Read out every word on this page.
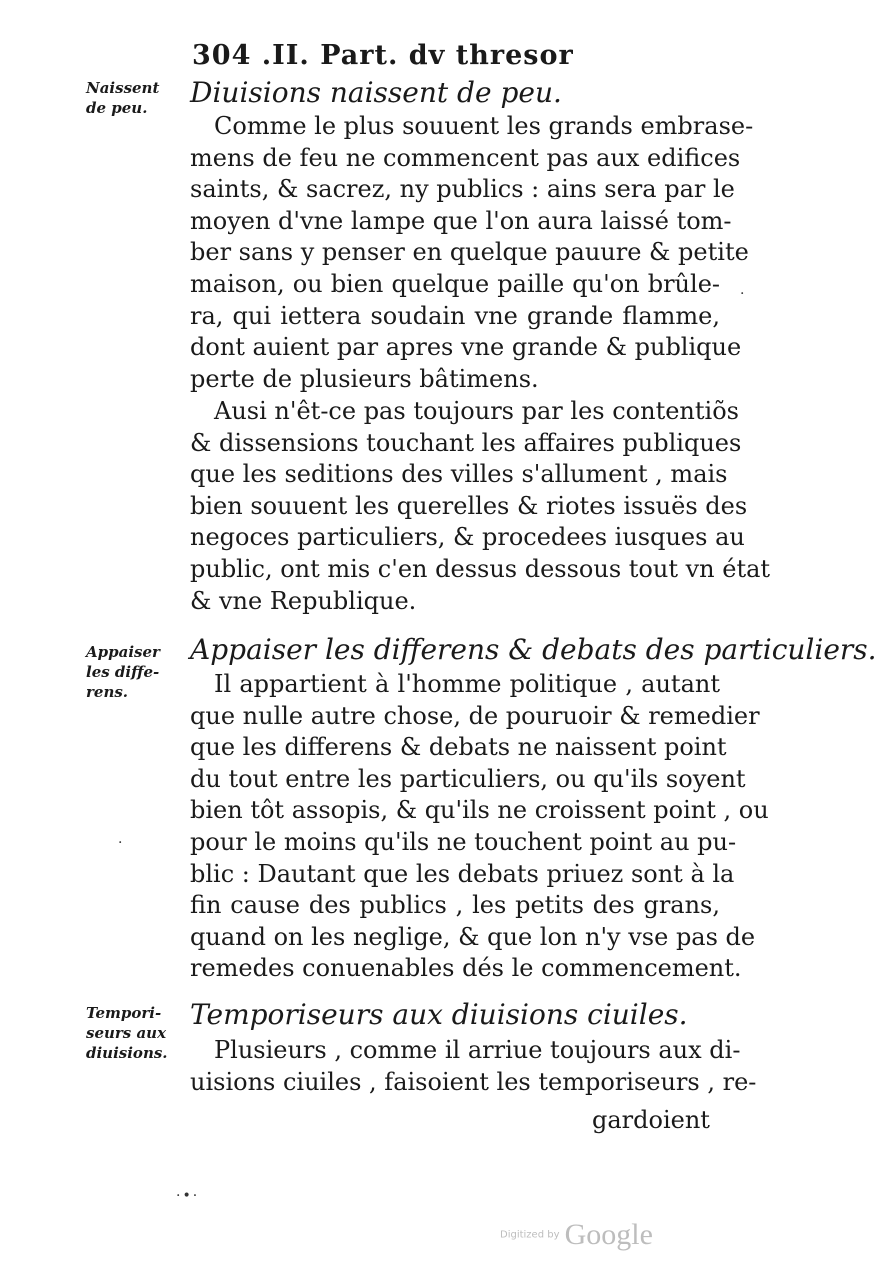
304 .II. Part. dv thresor
Naissent
de peu.	Diuisions naissent de peu.
Comme le plus souuent les grands embrase-
mens de feu ne commencent pas aux edifices
saints, & sacrez, ny publics : ains sera par le
moyen d'vne lampe que l'on aura laissé tom-
ber sans y penser en quelque pauure & petite
maison, ou bien quelque paille qu'on brûle-
ra, qui iettera soudain vne grande flamme,
dont auient par apres vne grande & publique
perte de plusieurs bâtimens.
Ausi n'êt-ce pas toujours par les contentiõs
& dissensions touchant les affaires publiques
que les seditions des villes s'allument , mais
bien souuent les querelles & riotes issuës des
negoces particuliers, & procedees iusques au
public, ont mis c'en dessus dessous tout vn état
& vne Republique.
Appaiser
les diffe-
rens.
Appaiser les differens & debats des particuliers.
Il appartient à l'homme politique , autant
que nulle autre chose, de pouruoir & remedier
que les differens & debats ne naissent point
du tout entre les particuliers, ou qu'ils soyent
bien tôt assopis, & qu'ils ne croissent point , ou
pour le moins qu'ils ne touchent point au pu-
blic : Dautant que les debats priuez sont à la
fin cause des publics , les petits des grans,
quand on les neglige, & que lon n'y vse pas de
remedes conuenables dés le commencement.
Tempori-
seurs aux
diuisions.
Temporiseurs aux diuisions ciuiles.
Plusieurs , comme il arriue toujours aux di-
uisions ciuiles , faisoient les temporiseurs , re-
gardoient
·
·
·•·
Digitized by Google
